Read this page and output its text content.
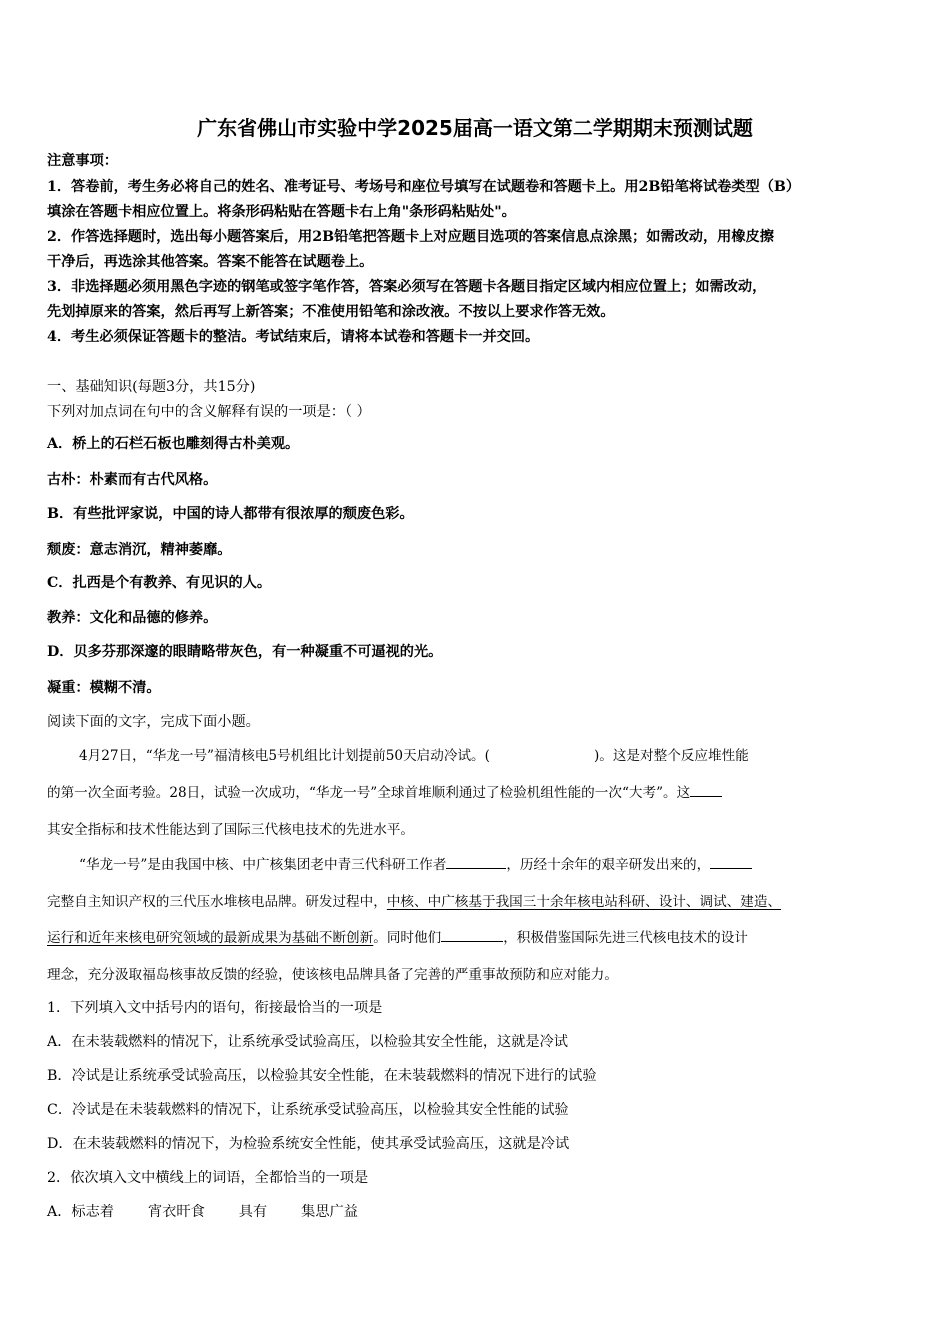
广东省佛山市实验中学2025届高一语文第二学期期末预测试题
注意事项：
1．答卷前，考生务必将自己的姓名、准考证号、考场号和座位号填写在试题卷和答题卡上。用2B铅笔将试卷类型（B）
填涂在答题卡相应位置上。将条形码粘贴在答题卡右上角"条形码粘贴处"。
2．作答选择题时，选出每小题答案后，用2B铅笔把答题卡上对应题目选项的答案信息点涂黑；如需改动，用橡皮擦
干净后，再选涂其他答案。答案不能答在试题卷上。
3．非选择题必须用黑色字迹的钢笔或签字笔作答，答案必须写在答题卡各题目指定区域内相应位置上；如需改动，
先划掉原来的答案，然后再写上新答案；不准使用铅笔和涂改液。不按以上要求作答无效。
4．考生必须保证答题卡的整洁。考试结束后，请将本试卷和答题卡一并交回。
一、基础知识(每题3分，共15分)
下列对加点词在句中的含义解释有误的一项是：（ ）
A．桥上的石栏石板也雕刻得古朴美观。
古朴：朴素而有古代风格。
B．有些批评家说，中国的诗人都带有很浓厚的颓废色彩。
颓废：意志消沉，精神萎靡。
C．扎西是个有教养、有见识的人。
教养：文化和品德的修养。
D．贝多芬那深邃的眼睛略带灰色，有一种凝重不可逼视的光。
凝重：模糊不清。
阅读下面的文字，完成下面小题。
4月27日，“华龙一号”福清核电5号机组比计划提前50天启动冷试。(	)。这是对整个反应堆性能
的第一次全面考验。28日，试验一次成功，“华龙一号”全球首堆顺利通过了检验机组性能的一次“大考”。这
其安全指标和技术性能达到了国际三代核电技术的先进水平。
“华龙一号”是由我国中核、中广核集团老中青三代科研工作者	，历经十余年的艰辛研发出来的，
完整自主知识产权的三代压水堆核电品牌。研发过程中，中核、中广核基于我国三十余年核电站科研、设计、调试、建造、
运行和近年来核电研究领域的最新成果为基础不断创新。同时他们	，积极借鉴国际先进三代核电技术的设计
理念，充分汲取福岛核事故反馈的经验，使该核电品牌具备了完善的严重事故预防和应对能力。
1．下列填入文中括号内的语句，衔接最恰当的一项是
A．在未装载燃料的情况下，让系统承受试验高压，以检验其安全性能，这就是冷试
B．冷试是让系统承受试验高压，以检验其安全性能，在未装载燃料的情况下进行的试验
C．冷试是在未装载燃料的情况下，让系统承受试验高压，以检验其安全性能的试验
D．在未装载燃料的情况下，为检验系统安全性能，使其承受试验高压，这就是冷试
2．依次填入文中横线上的词语，全都恰当的一项是
A．标志着 宵衣旰食 具有 集思广益
